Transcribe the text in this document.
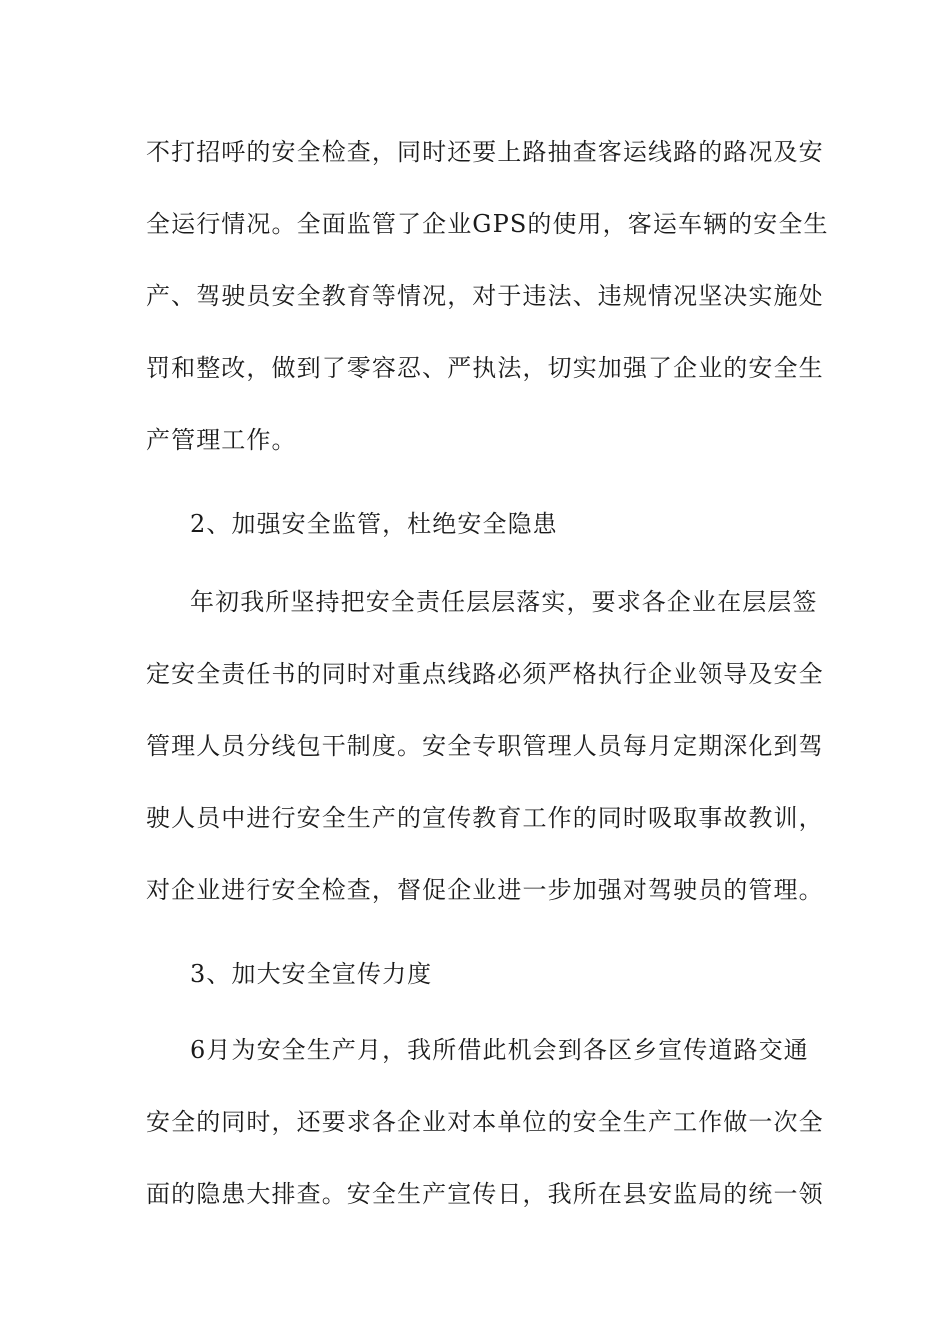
不打招呼的安全检查，同时还要上路抽查客运线路的路况及安
全运行情况。全面监管了企业GPS的使用，客运车辆的安全生
产、驾驶员安全教育等情况，对于违法、违规情况坚决实施处
罚和整改，做到了零容忍、严执法，切实加强了企业的安全生
产管理工作。
2、加强安全监管，杜绝安全隐患
年初我所坚持把安全责任层层落实，要求各企业在层层签
定安全责任书的同时对重点线路必须严格执行企业领导及安全
管理人员分线包干制度。安全专职管理人员每月定期深化到驾
驶人员中进行安全生产的宣传教育工作的同时吸取事故教训，
对企业进行安全检查，督促企业进一步加强对驾驶员的管理。
3、加大安全宣传力度
6月为安全生产月，我所借此机会到各区乡宣传道路交通
安全的同时，还要求各企业对本单位的安全生产工作做一次全
面的隐患大排查。安全生产宣传日，我所在县安监局的统一领
